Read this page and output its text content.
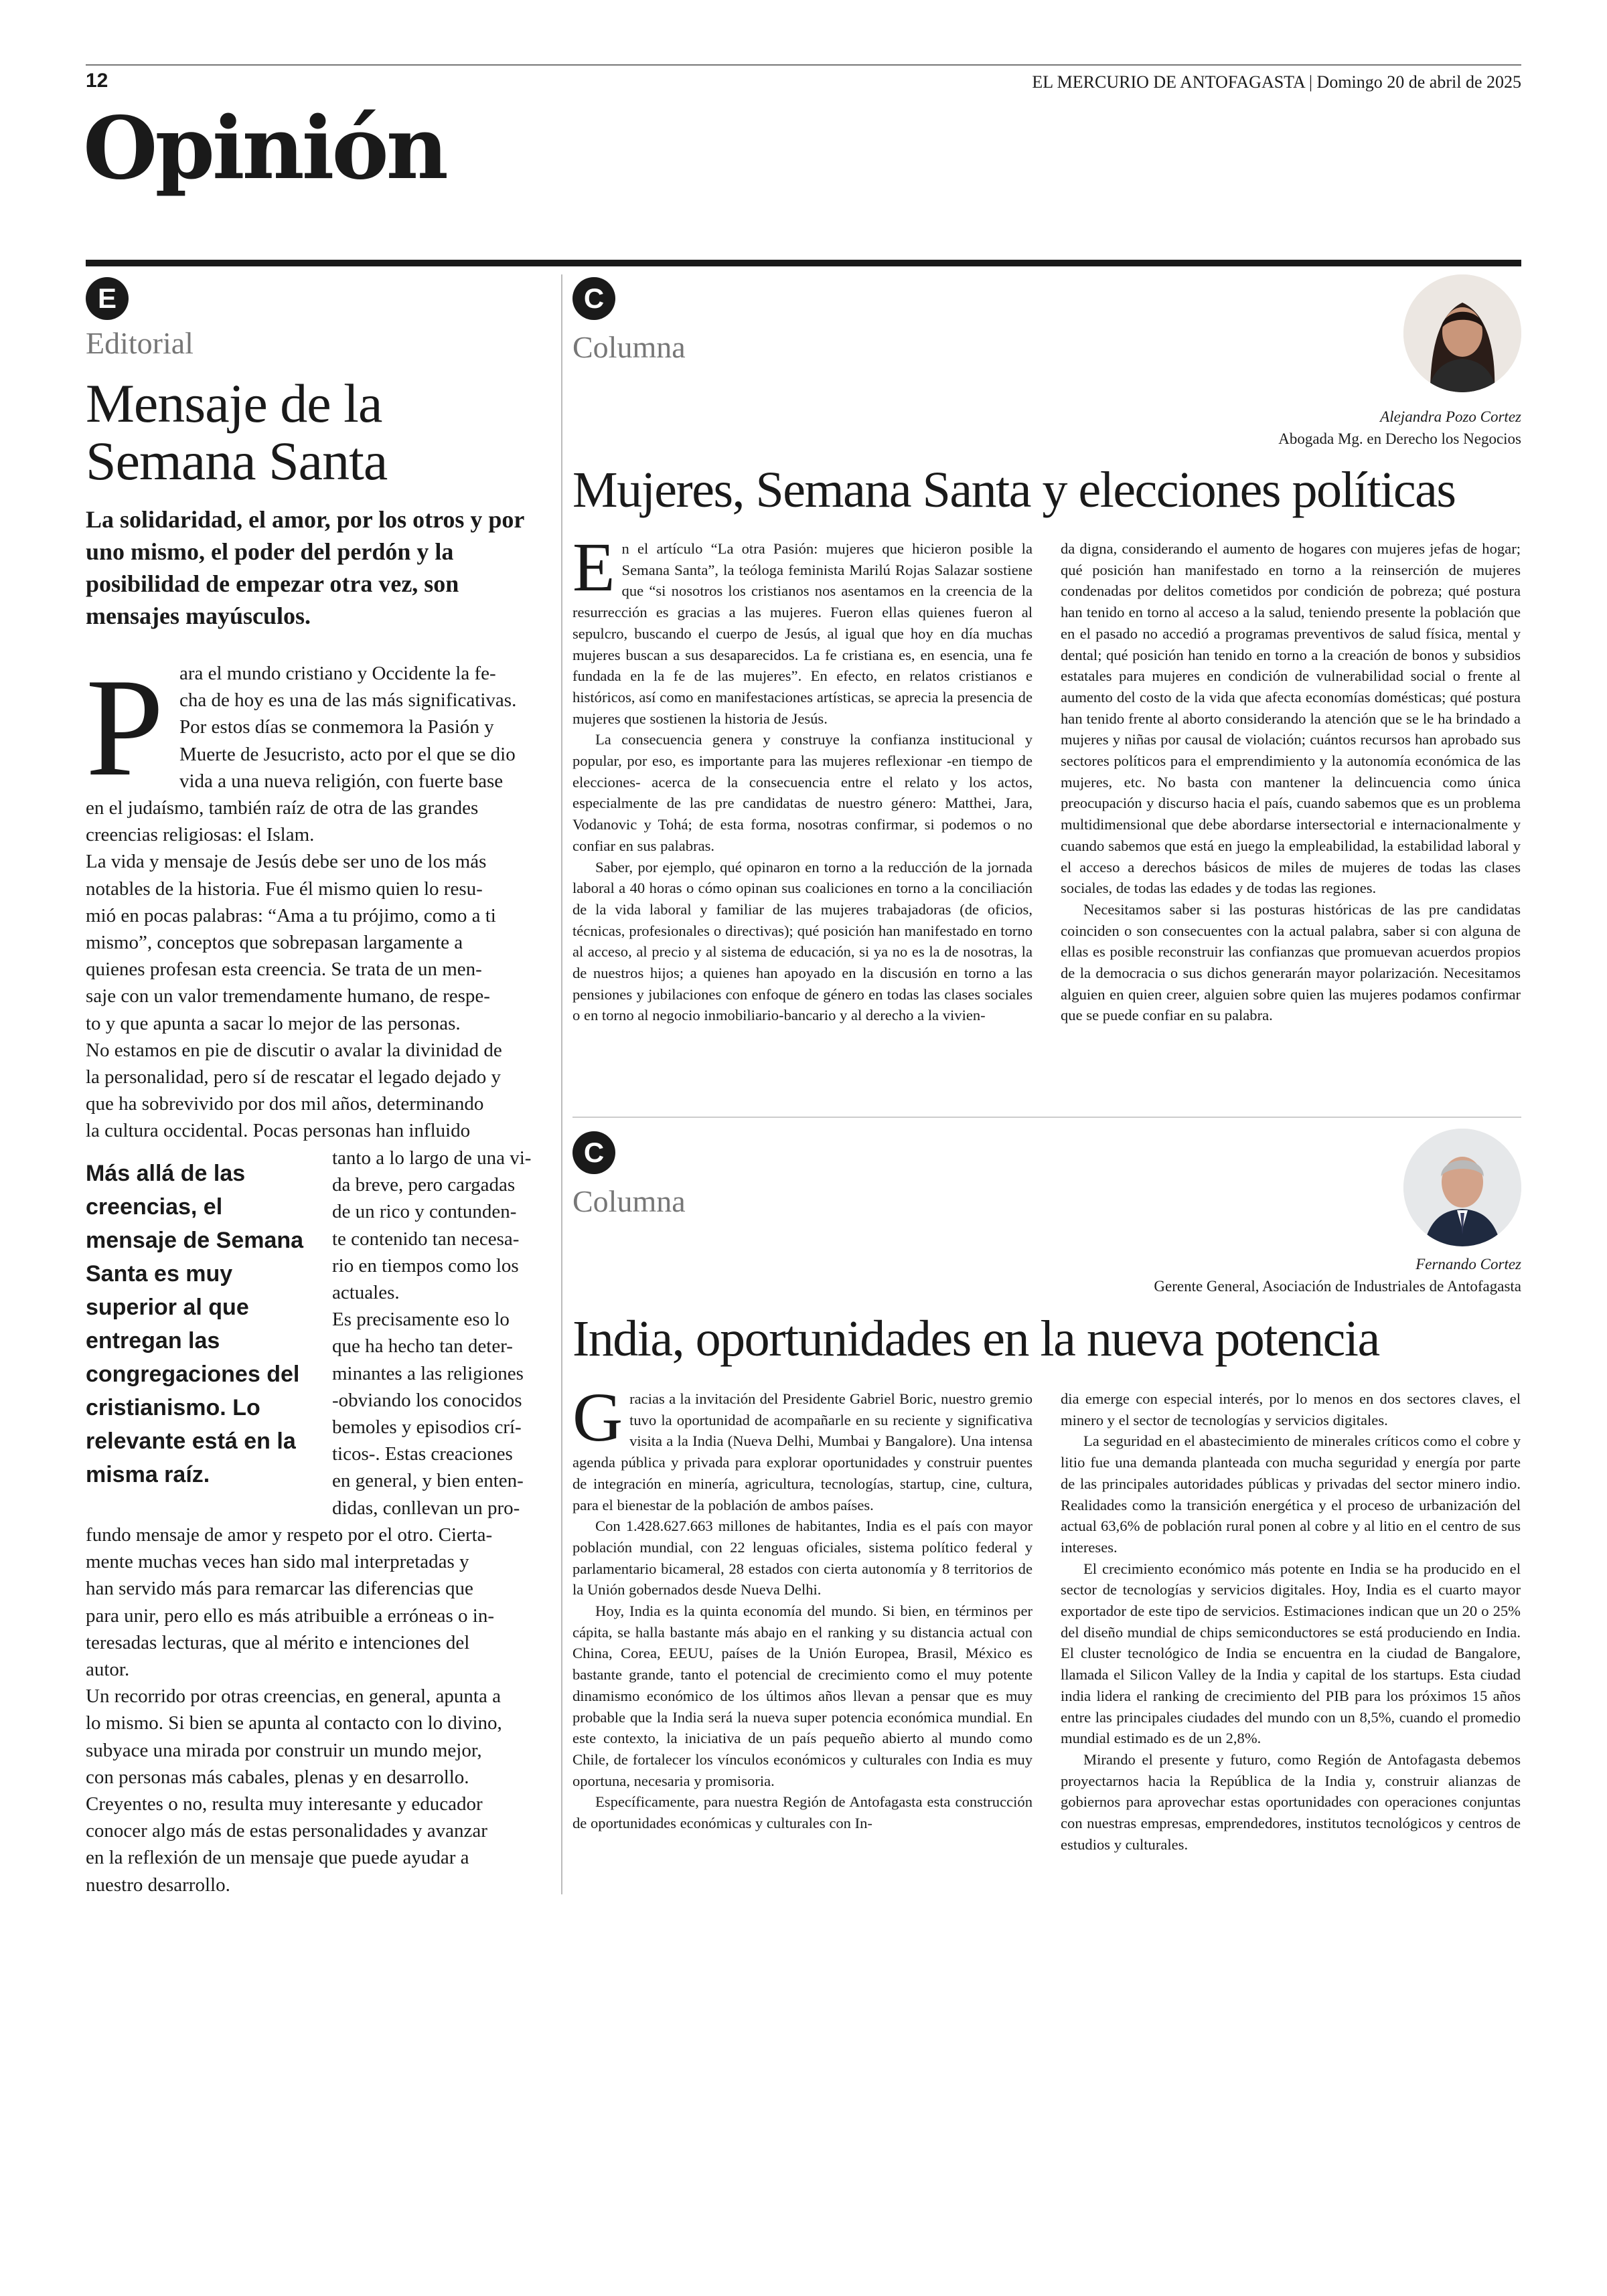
12	EL MERCURIO DE ANTOFAGASTA | Domingo 20 de abril de 2025
Opinión
E
Editorial
Mensaje de la
Semana Santa
La solidaridad, el amor, por los otros y por uno mismo, el poder del perdón y la posibilidad de empezar otra vez, son mensajes mayúsculos.
P ara el mundo cristiano y Occidente la fe-
cha de hoy es una de las más significativas.
Por estos días se conmemora la Pasión y
Muerte de Jesucristo, acto por el que se dio
vida a una nueva religión, con fuerte base
en el judaísmo, también raíz de otra de las grandes
creencias religiosas: el Islam.
La vida y mensaje de Jesús debe ser uno de los más
notables de la historia. Fue él mismo quien lo resu-
mió en pocas palabras: “Ama a tu prójimo, como a ti
mismo”, conceptos que sobrepasan largamente a
quienes profesan esta creencia. Se trata de un men-
saje con un valor tremendamente humano, de respe-
to y que apunta a sacar lo mejor de las personas.
No estamos en pie de discutir o avalar la divinidad de
la personalidad, pero sí de rescatar el legado dejado y
que ha sobrevivido por dos mil años, determinando
la cultura occidental. Pocas personas han influido
Más allá de las creencias, el mensaje de Semana Santa es muy superior al que entregan las congregaciones del cristianismo. Lo relevante está en la misma raíz.
tanto a lo largo de una vi-
da breve, pero cargadas
de un rico y contunden-
te contenido tan necesa-
rio en tiempos como los
actuales.
Es precisamente eso lo
que ha hecho tan deter-
minantes a las religiones
-obviando los conocidos
bemoles y episodios crí-
ticos-. Estas creaciones
en general, y bien enten-
didas, conllevan un pro-
fundo mensaje de amor y respeto por el otro. Cierta-
mente muchas veces han sido mal interpretadas y
han servido más para remarcar las diferencias que
para unir, pero ello es más atribuible a erróneas o in-
teresadas lecturas, que al mérito e intenciones del
autor.
Un recorrido por otras creencias, en general, apunta a
lo mismo. Si bien se apunta al contacto con lo divino,
subyace una mirada por construir un mundo mejor,
con personas más cabales, plenas y en desarrollo.
Creyentes o no, resulta muy interesante y educador
conocer algo más de estas personalidades y avanzar
en la reflexión de un mensaje que puede ayudar a
nuestro desarrollo.
C
Columna
Alejandra Pozo Cortez
Abogada Mg. en Derecho los Negocios
Mujeres, Semana Santa y elecciones políticas

En el artículo “La otra Pasión: mujeres que hicieron posible la Semana Santa”, la teóloga feminista Marilú Rojas Salazar sostiene que “si nosotros los cristianos nos asentamos en la creencia de la resurrección es gracias a las mujeres. Fueron ellas quienes fueron al sepulcro, buscando el cuerpo de Jesús, al igual que hoy en día muchas mujeres buscan a sus desaparecidos. La fe cristiana es, en esencia, una fe fundada en la fe de las mujeres”. En efecto, en relatos cristianos e históricos, así como en manifestaciones artísticas, se aprecia la presencia de mujeres que sostienen la historia de Jesús.

La consecuencia genera y construye la confianza institucional y popular, por eso, es importante para las mujeres reflexionar -en tiempo de elecciones- acerca de la consecuencia entre el relato y los actos, especialmente de las pre candidatas de nuestro género: Matthei, Jara, Vodanovic y Tohá; de esta forma, nosotras confirmar, si podemos o no confiar en sus palabras.

Saber, por ejemplo, qué opinaron en torno a la reducción de la jornada laboral a 40 horas o cómo opinan sus coaliciones en torno a la conciliación de la vida laboral y familiar de las mujeres trabajadoras (de oficios, técnicas, profesionales o directivas); qué posición han manifestado en torno al acceso, al precio y al sistema de educación, si ya no es la de nosotras, la de nuestros hijos; a quienes han apoyado en la discusión en torno a las pensiones y jubilaciones con enfoque de género en todas las clases sociales o en torno al negocio inmobiliario-bancario y al derecho a la vivien-

da digna, considerando el aumento de hogares con mujeres jefas de hogar; qué posición han manifestado en torno a la reinserción de mujeres condenadas por delitos cometidos por condición de pobreza; qué postura han tenido en torno al acceso a la salud, teniendo presente la población que en el pasado no accedió a programas preventivos de salud física, mental y dental; qué posición han tenido en torno a la creación de bonos y subsidios estatales para mujeres en condición de vulnerabilidad social o frente al aumento del costo de la vida que afecta economías domésticas; qué postura han tenido frente al aborto considerando la atención que se le ha brindado a mujeres y niñas por causal de violación; cuántos recursos han aprobado sus sectores políticos para el emprendimiento y la autonomía económica de las mujeres, etc. No basta con mantener la delincuencia como única preocupación y discurso hacia el país, cuando sabemos que es un problema multidimensional que debe abordarse intersectorial e internacionalmente y cuando sabemos que está en juego la empleabilidad, la estabilidad laboral y el acceso a derechos básicos de miles de mujeres de todas las clases sociales, de todas las edades y de todas las regiones.

Necesitamos saber si las posturas históricas de las pre candidatas coinciden o son consecuentes con la actual palabra, saber si con alguna de ellas es posible reconstruir las confianzas que promuevan acuerdos propios de la democracia o sus dichos generarán mayor polarización. Necesitamos alguien en quien creer, alguien sobre quien las mujeres podamos confirmar que se puede confiar en su palabra.

C
Columna
Fernando Cortez
Gerente General, Asociación de Industriales de Antofagasta
India, oportunidades en la nueva potencia

Gracias a la invitación del Presidente Gabriel Boric, nuestro gremio tuvo la oportunidad de acompañarle en su reciente y significativa visita a la India (Nueva Delhi, Mumbai y Bangalore). Una intensa agenda pública y privada para explorar oportunidades y construir puentes de integración en minería, agricultura, tecnologías, startup, cine, cultura, para el bienestar de la población de ambos países.

Con 1.428.627.663 millones de habitantes, India es el país con mayor población mundial, con 22 lenguas oficiales, sistema político federal y parlamentario bicameral, 28 estados con cierta autonomía y 8 territorios de la Unión gobernados desde Nueva Delhi.

Hoy, India es la quinta economía del mundo. Si bien, en términos per cápita, se halla bastante más abajo en el ranking y su distancia actual con China, Corea, EEUU, países de la Unión Europea, Brasil, México es bastante grande, tanto el potencial de crecimiento como el muy potente dinamismo económico de los últimos años llevan a pensar que es muy probable que la India será la nueva super potencia económica mundial. En este contexto, la iniciativa de un país pequeño abierto al mundo como Chile, de fortalecer los vínculos económicos y culturales con India es muy oportuna, necesaria y promisoria.

Específicamente, para nuestra Región de Antofagasta esta construcción de oportunidades económicas y culturales con In-

dia emerge con especial interés, por lo menos en dos sectores claves, el minero y el sector de tecnologías y servicios digitales.

La seguridad en el abastecimiento de minerales críticos como el cobre y litio fue una demanda planteada con mucha seguridad y energía por parte de las principales autoridades públicas y privadas del sector minero indio. Realidades como la transición energética y el proceso de urbanización del actual 63,6% de población rural ponen al cobre y al litio en el centro de sus intereses.

El crecimiento económico más potente en India se ha producido en el sector de tecnologías y servicios digitales. Hoy, India es el cuarto mayor exportador de este tipo de servicios. Estimaciones indican que un 20 o 25% del diseño mundial de chips semiconductores se está produciendo en India. El cluster tecnológico de India se encuentra en la ciudad de Bangalore, llamada el Silicon Valley de la India y capital de los startups. Esta ciudad india lidera el ranking de crecimiento del PIB para los próximos 15 años entre las principales ciudades del mundo con un 8,5%, cuando el promedio mundial estimado es de un 2,8%.

Mirando el presente y futuro, como Región de Antofagasta debemos proyectarnos hacia la República de la India y, construir alianzas de gobiernos para aprovechar estas oportunidades con operaciones conjuntas con nuestras empresas, emprendedores, institutos tecnológicos y centros de estudios y culturales.
